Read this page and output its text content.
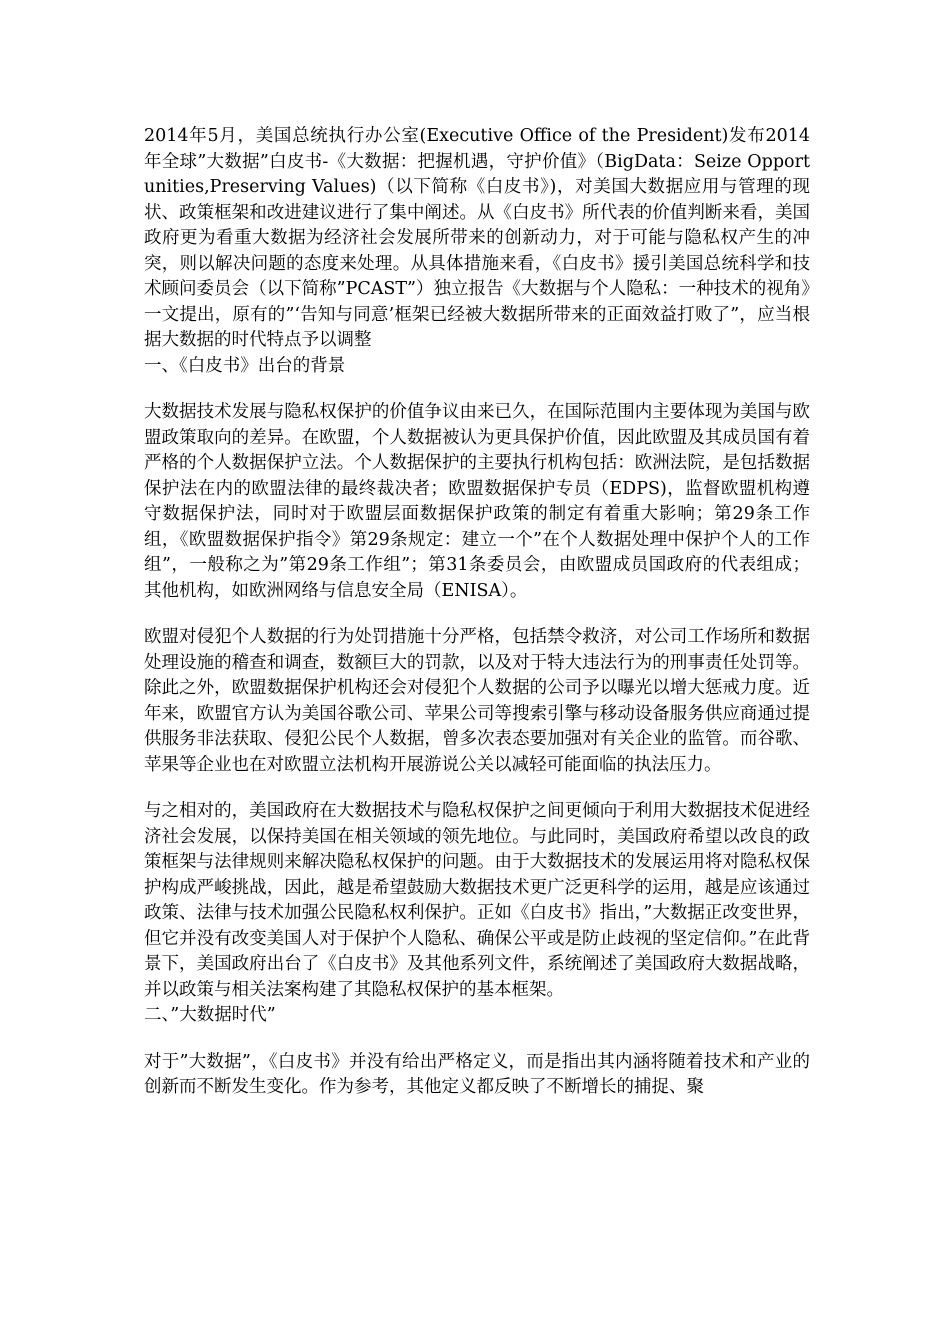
2014年5月，美国总统执行办公室(Executive Office of the President)发布2014年全球”大数据”白皮书-《大数据：把握机遇，守护价值》（BigData：Seize Opportunities,Preserving Values)（以下简称《白皮书》)，对美国大数据应用与管理的现状、政策框架和改进建议进行了集中阐述。从《白皮书》所代表的价值判断来看，美国政府更为看重大数据为经济社会发展所带来的创新动力，对于可能与隐私权产生的冲突，则以解决问题的态度来处理。从具体措施来看，《白皮书》援引美国总统科学和技术顾问委员会（以下简称”PCAST”）独立报告《大数据与个人隐私：一种技术的视角》一文提出，原有的”‘告知与同意’框架已经被大数据所带来的正面效益打败了”，应当根据大数据的时代特点予以调整

一、《白皮书》出台的背景

大数据技术发展与隐私权保护的价值争议由来已久，在国际范围内主要体现为美国与欧盟政策取向的差异。在欧盟，个人数据被认为更具保护价值，因此欧盟及其成员国有着严格的个人数据保护立法。个人数据保护的主要执行机构包括：欧洲法院，是包括数据保护法在内的欧盟法律的最终裁决者；欧盟数据保护专员（EDPS)，监督欧盟机构遵守数据保护法，同时对于欧盟层面数据保护政策的制定有着重大影响；第29条工作组，《欧盟数据保护指令》第29条规定：建立一个”在个人数据处理中保护个人的工作组”，一般称之为”第29条工作组”；第31条委员会，由欧盟成员国政府的代表组成；其他机构，如欧洲网络与信息安全局（ENISA）。

欧盟对侵犯个人数据的行为处罚措施十分严格，包括禁令救济，对公司工作场所和数据处理设施的稽查和调查，数额巨大的罚款，以及对于特大违法行为的刑事责任处罚等。除此之外，欧盟数据保护机构还会对侵犯个人数据的公司予以曝光以增大惩戒力度。近年来，欧盟官方认为美国谷歌公司、苹果公司等搜索引擎与移动设备服务供应商通过提供服务非法获取、侵犯公民个人数据，曾多次表态要加强对有关企业的监管。而谷歌、苹果等企业也在对欧盟立法机构开展游说公关以减轻可能面临的执法压力。

与之相对的，美国政府在大数据技术与隐私权保护之间更倾向于利用大数据技术促进经济社会发展，以保持美国在相关领域的领先地位。与此同时，美国政府希望以改良的政策框架与法律规则来解决隐私权保护的问题。由于大数据技术的发展运用将对隐私权保护构成严峻挑战，因此，越是希望鼓励大数据技术更广泛更科学的运用，越是应该通过政策、法律与技术加强公民隐私权利保护。正如《白皮书》指出，”大数据正改变世界，但它并没有改变美国人对于保护个人隐私、确保公平或是防止歧视的坚定信仰。”在此背景下，美国政府出台了《白皮书》及其他系列文件，系统阐述了美国政府大数据战略，并以政策与相关法案构建了其隐私权保护的基本框架。

二、”大数据时代”

对于”大数据”，《白皮书》并没有给出严格定义，而是指出其内涵将随着技术和产业的创新而不断发生变化。作为参考，其他定义都反映了不断增长的捕捉、聚
